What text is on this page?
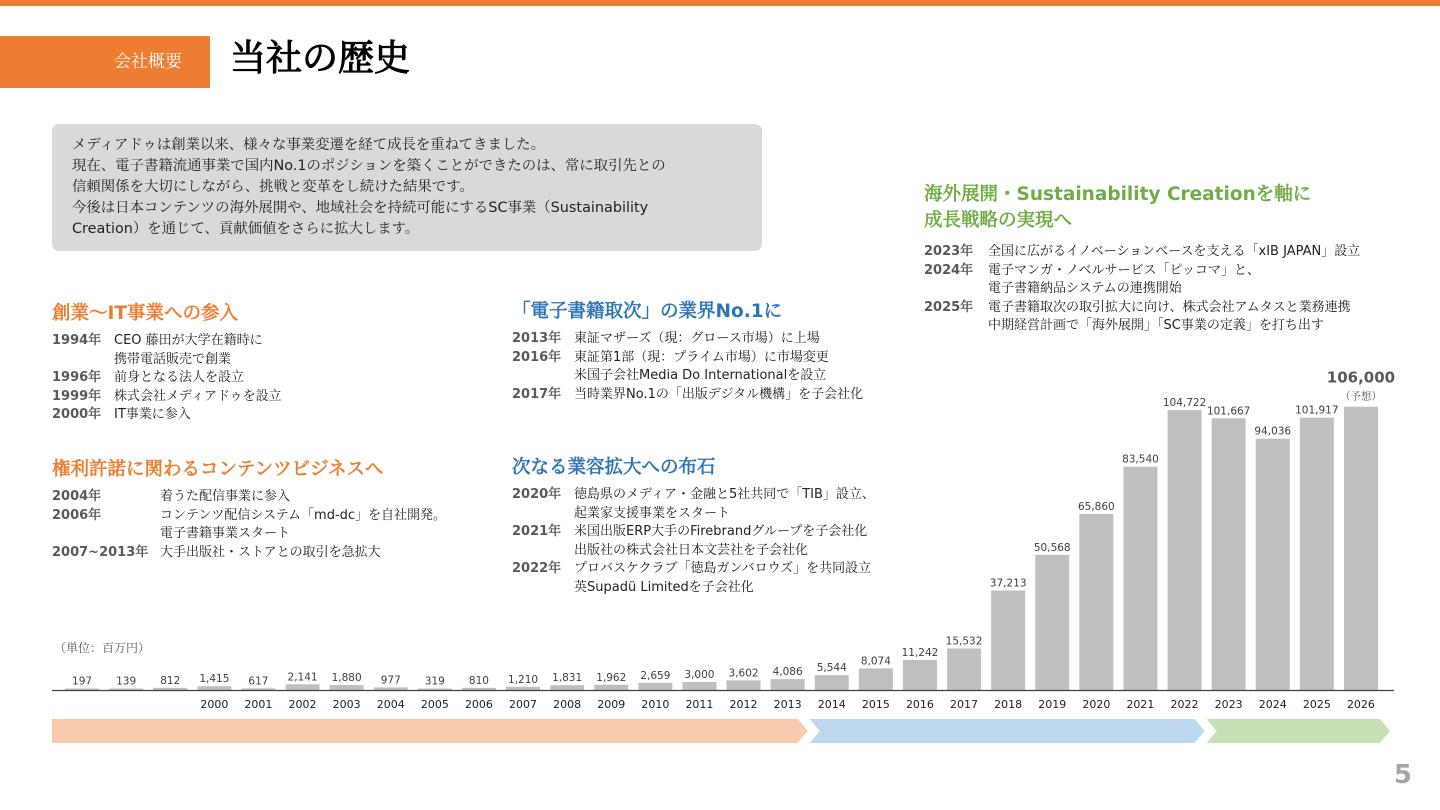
会社概要	当社の歴史

メディアドゥは創業以来、様々な事業変遷を経て成長を重ねてきました。

現在、電子書籍流通事業で国内No.1のポジションを築くことができたのは、常に取引先との

信頼関係を大切にしながら、挑戦と変革をし続けた結果です。

今後は日本コンテンツの海外展開や、地域社会を持続可能にするSC事業（Sustainability

Creation）を通じて、貢献価値をさらに拡大します。

創業～IT事業への参入
1994年 CEO 藤田が大学在籍時に
携帯電話販売で創業
1996年 前身となる法人を設立
1999年 株式会社メディアドゥを設立
2000年 IT事業に参入
権利許諾に関わるコンテンツビジネスへ
2004年	着うた配信事業に参入
2006年	コンテンツ配信システム「md-dc」を自社開発。
電子書籍事業スタート
2007~2013年 大手出版社・ストアとの取引を急拡大
「電子書籍取次」の業界No.1に
2013年 東証マザーズ（現：グロース市場）に上場
2016年 東証第1部（現：プライム市場）に市場変更
米国子会社Media Do Internationalを設立
2017年 当時業界No.1の「出版デジタル機構」を子会社化
次なる業容拡大への布石
2020年 徳島県のメディア・金融と5社共同で「TIB」設立、
起業家支援事業をスタート
2021年 米国出版ERP大手のFirebrandグループを子会社化
出版社の株式会社日本文芸社を子会社化
2022年 プロバスケクラブ「徳島ガンバロウズ」を共同設立
英Supadü Limitedを子会社化
海外展開・Sustainability Creationを軸に
成長戦略の実現へ
2023年	全国に広がるイノベーションベースを支える「xIB JAPAN」設立
2024年	電子マンガ・ノベルサービス「ピッコマ」と、
電子書籍納品システムの連携開始
2025年	電子書籍取次の取引拡大に向け、株式会社アムタスと業務連携
中期経営計画で「海外展開」「SC事業の定義」を打ち出す
（単位：百万円）
197 139 812 1,415
2000
617
2001
2,141
2002
1,880
2003
977
2004
319
2005
810
2006
1,210
2007
1,831
2008
1,962
2009
2,659
2010
3,000
2011
3,602
2012
4,086
2013
5,544
2014
8,074
2015
11,242
2016
15,532
2017
37,213
2018
50,568
2019
65,860
2020
83,540
2021
104,722
2022
101,667
2023
94,036
2024
101,917
2025
106,000
（予想）
2026
5
